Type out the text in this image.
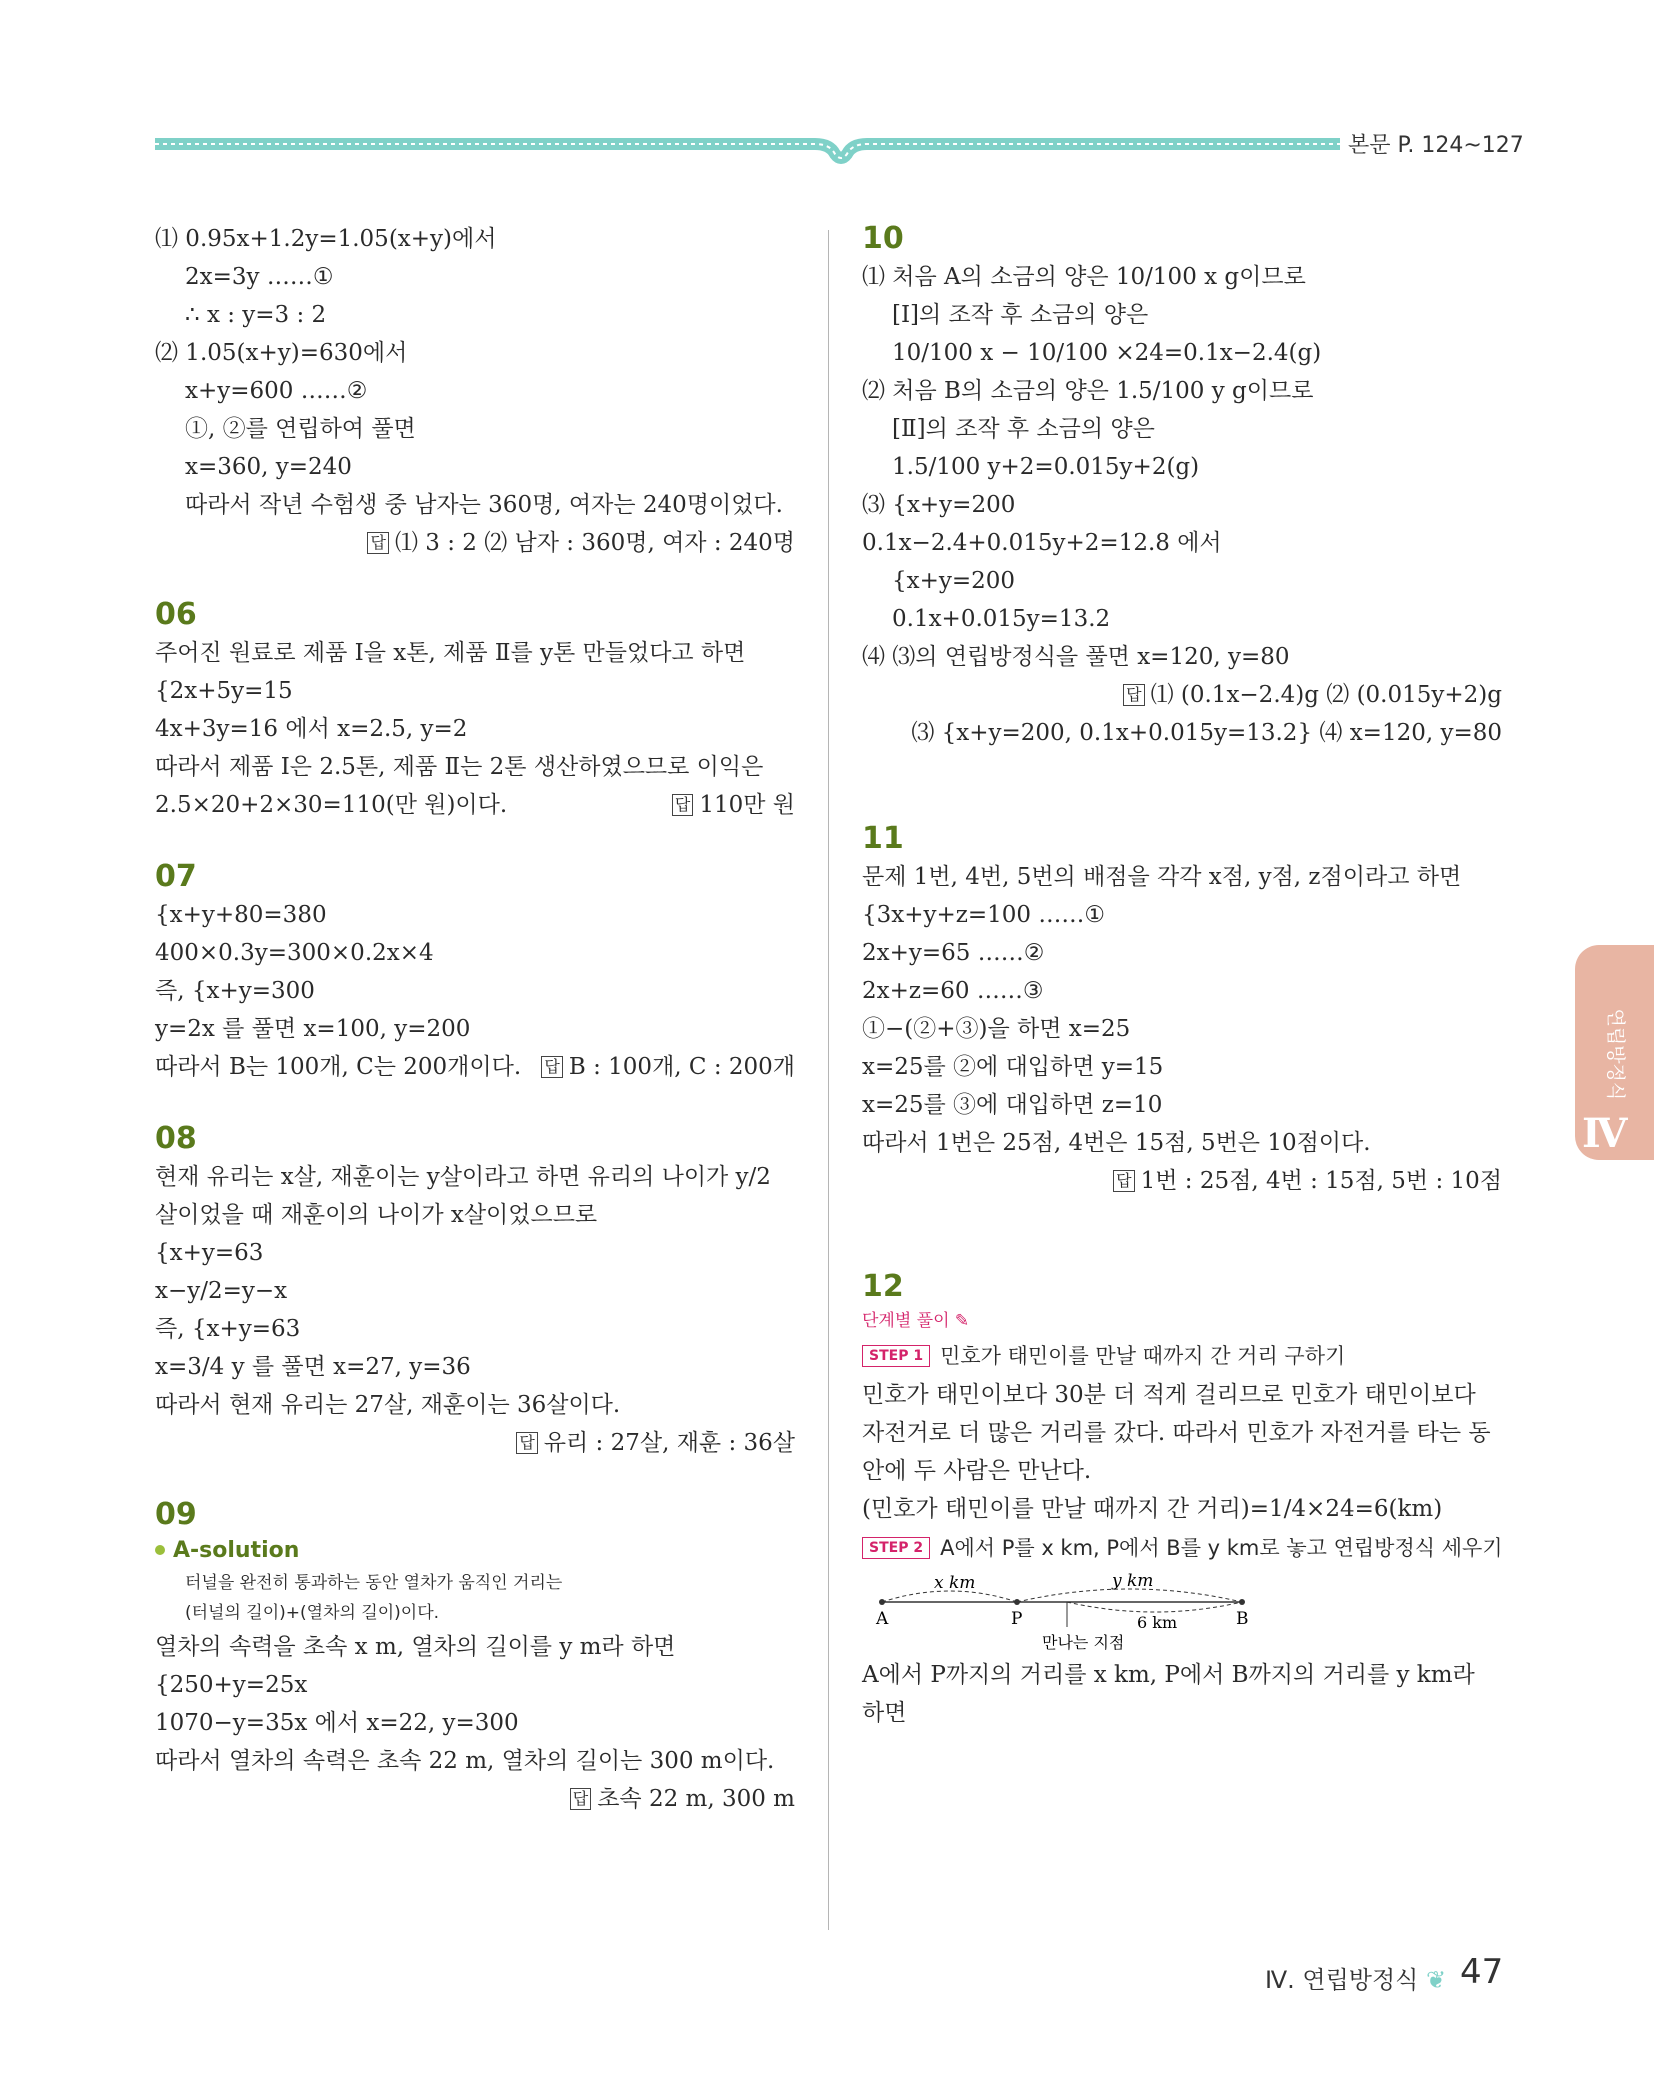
본문 P. 124~127
⑴ 0.95x+1.2y=1.05(x+y)에서
2x=3y ……①
∴ x : y=3 : 2
⑵ 1.05(x+y)=630에서
x+y=600 ……②
①, ②를 연립하여 풀면
x=360, y=240
따라서 작년 수험생 중 남자는 360명, 여자는 240명이었다.
답 ⑴ 3 : 2 ⑵ 남자 : 360명, 여자 : 240명
06
주어진 원료로 제품 Ⅰ을 x톤, 제품 Ⅱ를 y톤 만들었다고 하면
{2x+5y=15
4x+3y=16 에서 x=2.5, y=2
따라서 제품 Ⅰ은 2.5톤, 제품 Ⅱ는 2톤 생산하였으므로 이익은
2.5×20+2×30=110(만 원)이다.	답 110만 원
07
{x+y+80=380
400×0.3y=300×0.2x×4
즉, {x+y=300
y=2x 를 풀면 x=100, y=200
따라서 B는 100개, C는 200개이다. 답 B : 100개, C : 200개
08
현재 유리는 x살, 재훈이는 y살이라고 하면 유리의 나이가 y/2
살이었을 때 재훈이의 나이가 x살이었으므로
{x+y=63
x−y/2=y−x
즉, {x+y=63
x=3/4 y 를 풀면 x=27, y=36
따라서 현재 유리는 27살, 재훈이는 36살이다.
답 유리 : 27살, 재훈 : 36살
09
A-solution
터널을 완전히 통과하는 동안 열차가 움직인 거리는
(터널의 길이)+(열차의 길이)이다.
열차의 속력을 초속 x m, 열차의 길이를 y m라 하면
{250+y=25x
1070−y=35x 에서 x=22, y=300
따라서 열차의 속력은 초속 22 m, 열차의 길이는 300 m이다.
답 초속 22 m, 300 m
10
⑴ 처음 A의 소금의 양은 10/100 x g이므로
[Ⅰ]의 조작 후 소금의 양은
10/100 x − 10/100 ×24=0.1x−2.4(g)
⑵ 처음 B의 소금의 양은 1.5/100 y g이므로
[Ⅱ]의 조작 후 소금의 양은
1.5/100 y+2=0.015y+2(g)
⑶ {x+y=200
0.1x−2.4+0.015y+2=12.8 에서
{x+y=200
0.1x+0.015y=13.2
⑷ ⑶의 연립방정식을 풀면 x=120, y=80
답 ⑴ (0.1x−2.4)g ⑵ (0.015y+2)g
⑶ {x+y=200, 0.1x+0.015y=13.2} ⑷ x=120, y=80
11
문제 1번, 4번, 5번의 배점을 각각 x점, y점, z점이라고 하면
{3x+y+z=100 ……①
2x+y=65 ……②
2x+z=60 ……③
①−(②+③)을 하면 x=25
x=25를 ②에 대입하면 y=15
x=25를 ③에 대입하면 z=10
따라서 1번은 25점, 4번은 15점, 5번은 10점이다.
답 1번 : 25점, 4번 : 15점, 5번 : 10점
12
단계별 풀이 ✎
STEP 1 민호가 태민이를 만날 때까지 간 거리 구하기
민호가 태민이보다 30분 더 적게 걸리므로 민호가 태민이보다
자전거로 더 많은 거리를 갔다. 따라서 민호가 자전거를 타는 동
안에 두 사람은 만난다.
(민호가 태민이를 만날 때까지 간 거리)=1/4×24=6(km)
STEP 2 A에서 P를 x km, P에서 B를 y km로 놓고 연립방정식 세우기
x km	y km
6 km
A	P	B
만나는 지점
A에서 P까지의 거리를 x km, P에서 B까지의 거리를 y km라
하면
연립방정식
Ⅳ
Ⅳ. 연립방정식 ❦ 47
